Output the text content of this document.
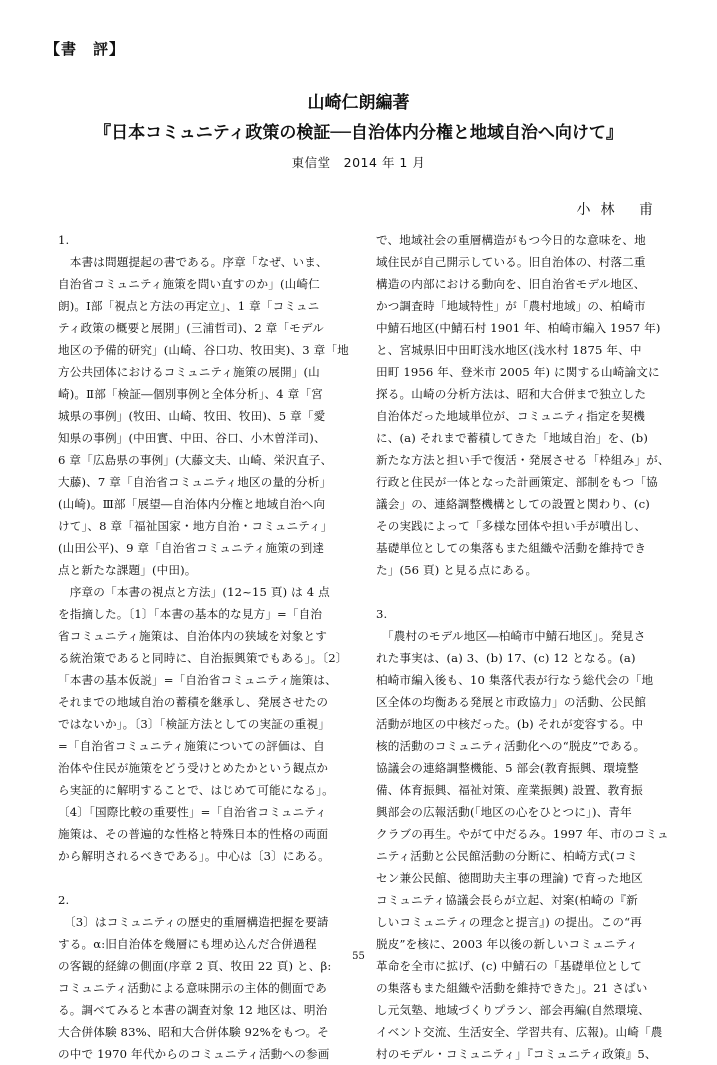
【書　評】
山崎仁朗編著
『日本コミュニティ政策の検証──自治体内分権と地域自治へ向けて』
東信堂　2014 年 1 月
小林 甫
1.
　本書は問題提起の書である。序章「なぜ、いま、
自治省コミュニティ施策を問い直すのか」(山崎仁
朗)。Ⅰ部「視点と方法の再定立」、1 章「コミュニ
ティ政策の概要と展開」(三浦哲司)、2 章「モデル
地区の予備的研究」(山崎、谷口功、牧田実)、3 章「地
方公共団体におけるコミュニティ施策の展開」(山
崎)。Ⅱ部「検証―個別事例と全体分析」、4 章「宮
城県の事例」(牧田、山崎、牧田、牧田)、5 章「愛
知県の事例」(中田實、中田、谷口、小木曽洋司)、
6 章「広島県の事例」(大藤文夫、山崎、栄沢直子、
大藤)、7 章「自治省コミュニティ地区の量的分析」
(山崎)。Ⅲ部「展望―自治体内分権と地域自治へ向
けて」、8 章「福祉国家・地方自治・コミュニティ」
(山田公平)、9 章「自治省コミュニティ施策の到達
点と新たな課題」(中田)。
　序章の「本書の視点と方法」(12~15 頁) は 4 点
を指摘した。〔1〕「本書の基本的な見方」=「自治
省コミュニティ施策は、自治体内の狭域を対象とす
る統治策であると同時に、自治振興策でもある」。〔2〕
「本書の基本仮説」=「自治省コミュニティ施策は、
それまでの地域自治の蓄積を継承し、発展させたの
ではないか」。〔3〕「検証方法としての実証の重視」
=「自治省コミュニティ施策についての評価は、自
治体や住民が施策をどう受けとめたかという観点か
ら実証的に解明することで、はじめて可能になる」。
〔4〕「国際比較の重要性」=「自治省コミュニティ
施策は、その普遍的な性格と特殊日本的性格の両面
から解明されるべきである」。中心は〔3〕にある。
2.
　〔3〕はコミュニティの歴史的重層構造把握を要請
する。α:旧自治体を幾層にも埋め込んだ合併過程
の客観的経緯の側面(序章 2 頁、牧田 22 頁) と、β:
コミュニティ活動による意味開示の主体的側面であ
る。調べてみると本書の調査対象 12 地区は、明治
大合併体験 83%、昭和大合併体験 92%をもつ。そ
の中で 1970 年代からのコミュニティ活動への参画
で、地域社会の重層構造がもつ今日的な意味を、地
域住民が自己開示している。旧自治体の、村落二重
構造の内部における動向を、旧自治省モデル地区、
かつ調査時「地域特性」が「農村地域」の、柏崎市
中鯖石地区(中鯖石村 1901 年、柏崎市編入 1957 年)
と、宮城県旧中田町浅水地区(浅水村 1875 年、中
田町 1956 年、登米市 2005 年) に関する山崎論文に
探る。山崎の分析方法は、昭和大合併まで独立した
自治体だった地域単位が、コミュニティ指定を契機
に、(a) それまで蓄積してきた「地域自治」を、(b)
新たな方法と担い手で復活・発展させる「枠組み」が、
行政と住民が一体となった計画策定、部制をもつ「協
議会」の、連絡調整機構としての設置と関わり、(c)
その実践によって「多様な団体や担い手が噴出し、
基礎単位としての集落もまた組織や活動を維持でき
た」(56 頁) と見る点にある。
3.
　「農村のモデル地区―柏崎市中鯖石地区」。発見さ
れた事実は、(a) 3、(b) 17、(c) 12 となる。(a)
柏崎市編入後も、10 集落代表が行なう総代会の「地
区全体の均衡ある発展と市政協力」の活動、公民館
活動が地区の中核だった。(b) それが変容する。中
核的活動のコミュニティ活動化への“脱皮”である。
協議会の連絡調整機能、5 部会(教育振興、環境整
備、体育振興、福祉対策、産業振興) 設置、教育振
興部会の広報活動(「地区の心をひとつに」)、青年
クラブの再生。やがて中だるみ。1997 年、市のコミュ
ニティ活動と公民館活動の分断に、柏崎方式(コミ
セン兼公民館、徳間助夫主事の理論) で育った地区
コミュニティ協議会長らが立起、対案(柏崎の『新
しいコミュニティの理念と提言』) の提出。この“再
脱皮”を核に、2003 年以後の新しいコミュニティ
革命を全市に拡げ、(c) 中鯖石の「基礎単位として
の集落もまた組織や活動を維持できた」。21 さばい
し元気塾、地域づくりプラン、部会再編(自然環境、
イベント交流、生活安全、学習共有、広報)。山崎「農
村のモデル・コミュニティ」『コミュニティ政策』5、
55
